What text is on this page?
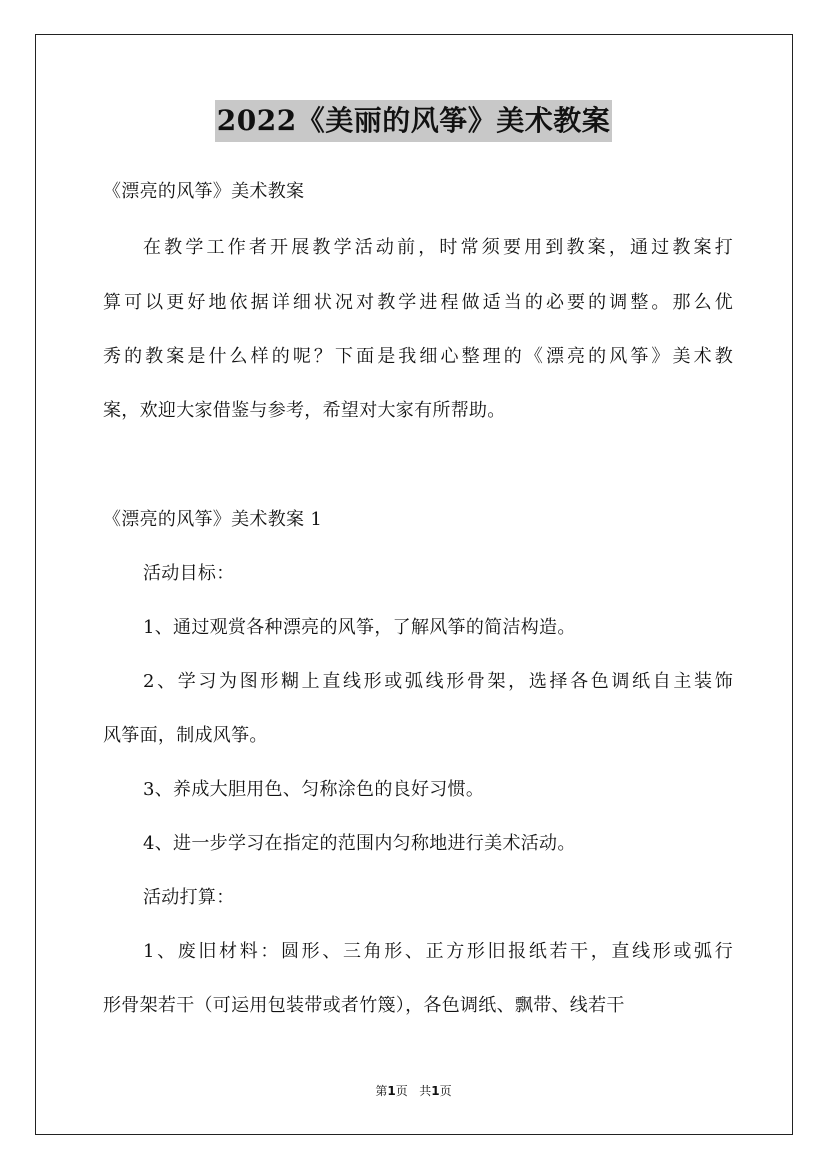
2022《美丽的风筝》美术教案

《漂亮的风筝》美术教案

在教学工作者开展教学活动前，时常须要用到教案，通过教案打

算可以更好地依据详细状况对教学进程做适当的必要的调整。那么优

秀的教案是什么样的呢？下面是我细心整理的《漂亮的风筝》美术教

案，欢迎大家借鉴与参考，希望对大家有所帮助。

《漂亮的风筝》美术教案 1

活动目标：

1、通过观赏各种漂亮的风筝，了解风筝的简洁构造。

2、学习为图形糊上直线形或弧线形骨架，选择各色调纸自主装饰

风筝面，制成风筝。

3、养成大胆用色、匀称涂色的良好习惯。

4、进一步学习在指定的范围内匀称地进行美术活动。

活动打算：

1、废旧材料：圆形、三角形、正方形旧报纸若干，直线形或弧行

形骨架若干（可运用包装带或者竹篾），各色调纸、飘带、线若干

第1页 共1页
